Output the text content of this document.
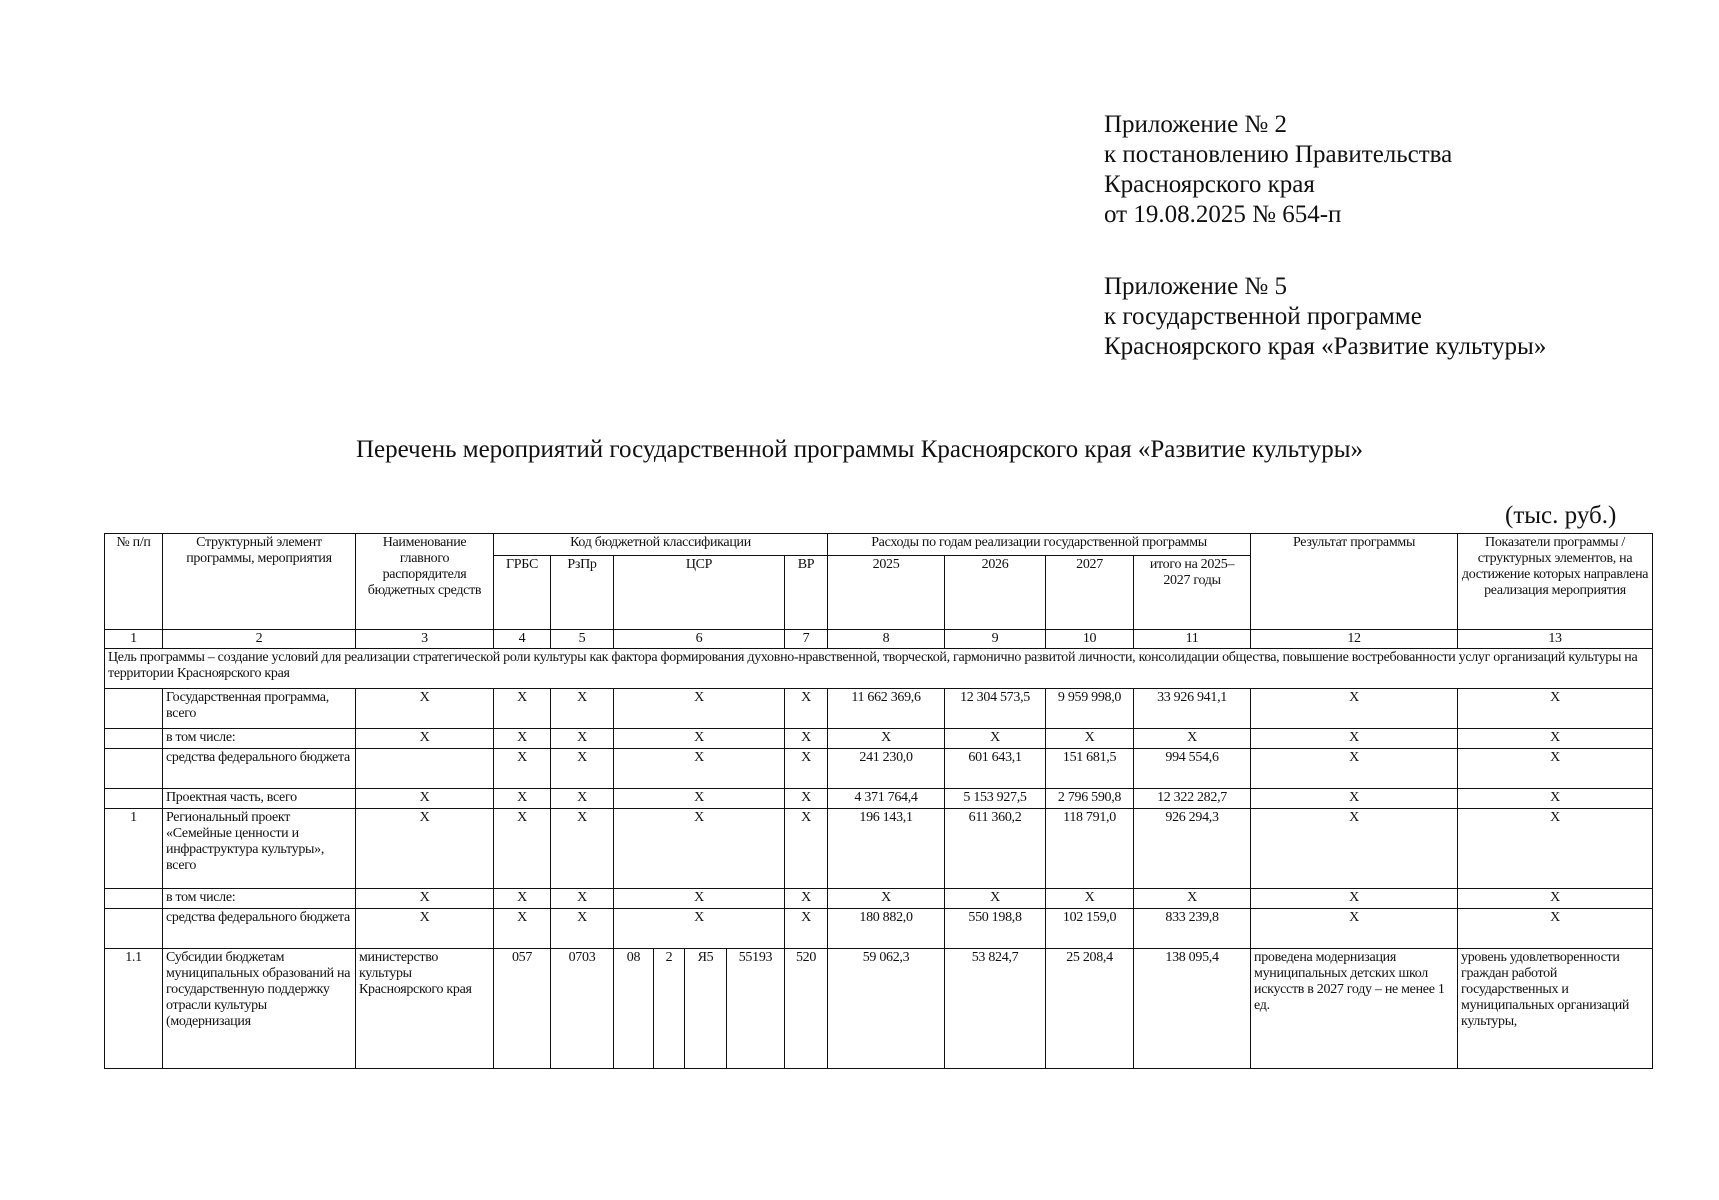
Приложение № 2
к постановлению Правительства
Красноярского края
от 19.08.2025 № 654-п
Приложение № 5
к государственной программе
Красноярского края «Развитие культуры»
Перечень мероприятий государственной программы Красноярского края «Развитие культуры»
(тыс. руб.)
№ п/п	Структурный элемент программы, мероприятия	Наименование главного распорядителя бюджетных средств	Код бюджетной классификации							Расходы по годам реализации государственной программы				Результат программы	Показатели программы / структурных элементов, на достижение которых направлена реализация мероприятия
			ГРБС	РзПр	ЦСР				ВР	2025	2026	2027	итого на 2025–2027 годы		
1	2	3	4	5	6				7	8	9	10	11	12	13
Цель программы – создание условий для реализации стратегической роли культуры как фактора формирования духовно-нравственной, творческой, гармонично развитой личности, консолидации общества, повышение востребованности услуг организаций культуры на территории Красноярского края															
	Государственная программа, всего	X	X	X	X				X	11 662 369,6	12 304 573,5	9 959 998,0	33 926 941,1	X	X
	в том числе:	X	X	X	X				X	X	X	X	X	X	X
	средства федерального бюджета		X	X	X				X	241 230,0	601 643,1	151 681,5	994 554,6	X	X
	Проектная часть, всего	X	X	X	X				X	4 371 764,4	5 153 927,5	2 796 590,8	12 322 282,7	X	X
1	Региональный проект «Семейные ценности и инфраструктура культуры», всего	X	X	X	X				X	196 143,1	611 360,2	118 791,0	926 294,3	X	X
	в том числе:	X	X	X	X				X	X	X	X	X	X	X
	средства федерального бюджета	X	X	X	X				X	180 882,0	550 198,8	102 159,0	833 239,8	X	X
1.1	Субсидии бюджетам муниципальных образований на государственную поддержку отрасли культуры (модернизация	министерство культуры Красноярского края	057	0703	08	2	Я5	55193	520	59 062,3	53 824,7	25 208,4	138 095,4	проведена модернизация муниципальных детских школ искусств в 2027 году – не менее 1 ед.	уровень удовлетворенности граждан работой государственных и муниципальных организаций культуры,
